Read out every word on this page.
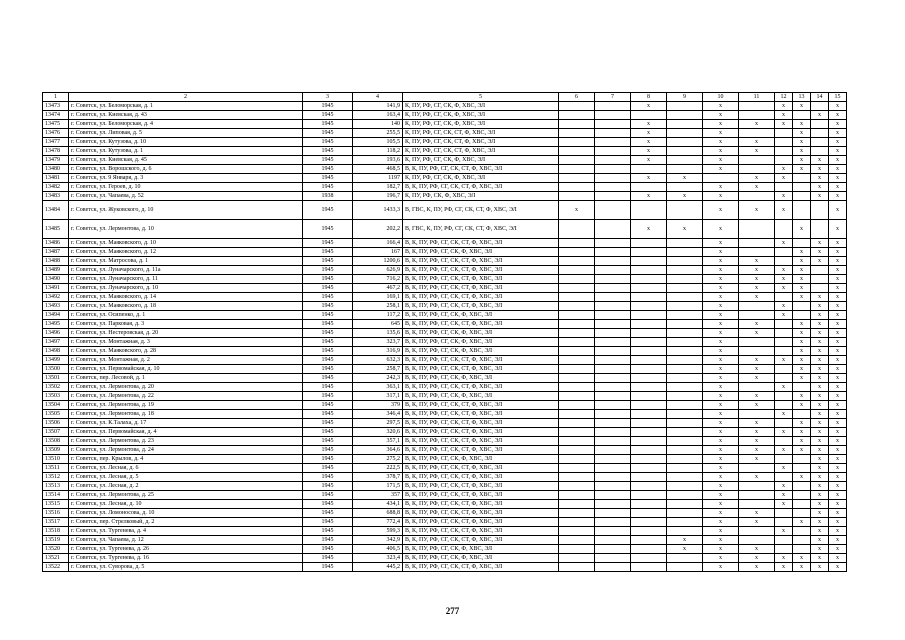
1	2	3	4	5	6	7	8	9	10	11	12	13	14	15
13473	г. Советск, ул. Беломорская, д. 1	1945	141,9	К, ПУ, РФ, СГ, СК, Ф, ХВС, ЭЛ			x		x		x	x		x
13474	г. Советск, ул. Киевская, д. 43	1945	163,4	К, ПУ, РФ, СГ, СК, Ф, ХВС, ЭЛ					x		x		x	x
13475	г. Советск, ул. Беломорская, д. 4	1945	140	К, ПУ, РФ, СГ, СК, Ф, ХВС, ЭЛ			x		x	x	x	x		x
13476	г. Советск, ул. Липовая, д. 5	1945	255,5	К, ПУ, РФ, СГ, СК, СТ, Ф, ХВС, ЭЛ			x		x			x		x
13477	г. Советск, ул. Кутузова, д. 10	1945	105,5	К, ПУ, РФ, СГ, СК, СТ, Ф, ХВС, ЭЛ			x		x	x		x		x
13478	г. Советск, ул. Кутузова, д. 1	1945	118,2	К, ПУ, РФ, СГ, СК, СТ, Ф, ХВС, ЭЛ			x		x	x		x		x
13479	г. Советск, ул. Киевская, д. 45	1945	193,6	К, ПУ, РФ, СГ, СК, Ф, ХВС, ЭЛ			x		x			x	x	x
13480	г. Советск, ул. Ворошского, д. 6	1945	468,5	В, К, ПУ, РФ, СГ, СК, СТ, Ф, ХВС, ЭЛ					x		x	x	x	x
13481	г. Советск, ул. 9 Января, д. 3	1945	1197	К, ПУ, РФ, СГ, СК, Ф, ХВС, ЭЛ			x	x		x	x		x	x
13482	г. Советск, ул. Героев, д. 10	1945	182,7	В, К, ПУ, РФ, СГ, СК, СТ, Ф, ХВС, ЭЛ					x	x			x	x
13483	г. Советск, ул. Чапаева, д. 52	1938	196,7	К, ПУ, РФ, СК, Ф, ХВС, ЭЛ			x	x	x		x		x	x
13484	г. Советск, ул. Жуковского, д. 10	1945	1433,3	В, ГВС, К, ПУ, РФ, СГ, СК, СТ, Ф, ХВС, ЭЛ	x				x	x	x			x
13485	г. Советск, ул. Лермонтова, д. 10	1945	202,2	В, ГВС, К, ПУ, РФ, СГ, СК, СТ, Ф, ХВС, ЭЛ			x	x	x			x		x
13486	г. Советск, ул. Маяковского, д. 10	1945	166,4	В, К, ПУ, РФ, СГ, СК, СТ, Ф, ХВС, ЭЛ					x		x		x	x
13487	г. Советск, ул. Маяковского, д. 12	1945	167	В, К, ПУ, РФ, СГ, СК, Ф, ХВС, ЭЛ					x			x	x	x
13488	г. Советск, ул. Матросова, д. 1	1945	1200,6	В, К, ПУ, РФ, СГ, СК, СТ, Ф, ХВС, ЭЛ					x	x		x	x	x
13489	г. Советск, ул. Луначарского, д. 11а	1945	626,9	В, К, ПУ, РФ, СГ, СК, СТ, Ф, ХВС, ЭЛ					x	x	x	x		x
13490	г. Советск, ул. Луначарского, д. 11	1945	716,2	В, К, ПУ, РФ, СГ, СК, СТ, Ф, ХВС, ЭЛ					x	x	x	x		x
13491	г. Советск, ул. Луначарского, д. 10	1945	467,2	В, К, ПУ, РФ, СГ, СК, СТ, Ф, ХВС, ЭЛ					x	x	x	x		x
13492	г. Советск, ул. Маяковского, д. 14	1945	169,1	В, К, ПУ, РФ, СГ, СК, СТ, Ф, ХВС, ЭЛ					x	x		x	x	x
13493	г. Советск, ул. Маяковского, д. 18	1945	258,1	В, К, ПУ, РФ, СГ, СК, СТ, Ф, ХВС, ЭЛ					x		x		x	x
13494	г. Советск, ул. Осипенко, д. 1	1945	117,2	В, К, ПУ, РФ, СГ, СК, Ф, ХВС, ЭЛ					x		x		x	x
13495	г. Советск, ул. Парковая, д. 3	1945	645	В, К, ПУ, РФ, СГ, СК, СТ, Ф, ХВС, ЭЛ					x	x		x	x	x
13496	г. Советск, ул. Нестеровская, д. 20	1945	135,6	В, К, ПУ, РФ, СГ, СК, Ф, ХВС, ЭЛ					x	x		x	x	x
13497	г. Советск, ул. Монтажная, д. 3	1945	323,7	В, К, ПУ, РФ, СГ, СК, Ф, ХВС, ЭЛ					x			x	x	x
13498	г. Советск, ул. Маяковского, д. 28	1945	316,9	В, К, ПУ, РФ, СГ, СК, Ф, ХВС, ЭЛ					x			x	x	x
13499	г. Советск, ул. Монтажная, д. 2	1945	632,3	В, К, ПУ, РФ, СГ, СК, СТ, Ф, ХВС, ЭЛ					x	x	x	x	x	x
13500	г. Советск, ул. Первомайская, д. 10	1945	258,7	В, К, ПУ, РФ, СГ, СК, СТ, Ф, ХВС, ЭЛ					x	x		x	x	x
13501	г. Советск, пер. Лесовой, д. 1	1945	242,3	В, К, ПУ, РФ, СГ, СК, Ф, ХВС, ЭЛ					x	x		x	x	x
13502	г. Советск, ул. Лермонтова, д. 20	1945	363,1	В, К, ПУ, РФ, СГ, СК, СТ, Ф, ХВС, ЭЛ					x		x		x	x
13503	г. Советск, ул. Лермонтова, д. 22	1945	317,1	В, К, ПУ, РФ, СГ, СК, Ф, ХВС, ЭЛ					x	x		x	x	x
13504	г. Советск, ул. Лермонтова, д. 19	1945	379	В, К, ПУ, РФ, СГ, СК, СТ, Ф, ХВС, ЭЛ					x	x		x	x	x
13505	г. Советск, ул. Лермонтова, д. 18	1945	346,4	В, К, ПУ, РФ, СГ, СК, СТ, Ф, ХВС, ЭЛ					x		x		x	x
13506	г. Советск, ул. К.Талаха, д. 17	1945	297,5	В, К, ПУ, РФ, СГ, СК, СТ, Ф, ХВС, ЭЛ					x	x		x	x	x
13507	г. Советск, ул. Первомайская, д. 4	1945	320,6	В, К, ПУ, РФ, СГ, СК, СТ, Ф, ХВС, ЭЛ					x	x	x	x	x	x
13508	г. Советск, ул. Лермонтова, д. 23	1945	357,1	В, К, ПУ, РФ, СГ, СК, СТ, Ф, ХВС, ЭЛ					x	x		x	x	x
13509	г. Советск, ул. Лермонтова, д. 24	1945	364,6	В, К, ПУ, РФ, СГ, СК, СТ, Ф, ХВС, ЭЛ					x	x	x	x	x	x
13510	г. Советск, пер. Крылов, д. 4	1945	275,2	В, К, ПУ, РФ, СГ, СК, Ф, ХВС, ЭЛ					x	x			x	x
13511	г. Советск, ул. Лесная, д. 6	1945	222,5	В, К, ПУ, РФ, СГ, СК, СТ, Ф, ХВС, ЭЛ					x		x		x	x
13512	г. Советск, ул. Лесная, д. 5	1945	378,7	В, К, ПУ, РФ, СГ, СК, СТ, Ф, ХВС, ЭЛ					x	x		x	x	x
13513	г. Советск, ул. Лесная, д. 2	1945	171,5	В, К, ПУ, РФ, СГ, СК, СТ, Ф, ХВС, ЭЛ					x		x		x	x
13514	г. Советск, ул. Лермонтова, д. 25	1945	357	В, К, ПУ, РФ, СГ, СК, СТ, Ф, ХВС, ЭЛ					x		x		x	x
13515	г. Советск, ул. Лесная, д. 10	1945	434,1	В, К, ПУ, РФ, СГ, СК, СТ, Ф, ХВС, ЭЛ					x		x		x	x
13516	г. Советск, ул. Ломоносова, д. 10	1945	688,8	В, К, ПУ, РФ, СГ, СК, СТ, Ф, ХВС, ЭЛ					x	x			x	x
13517	г. Советск, пер. Стрелковый, д. 2	1945	772,4	В, К, ПУ, РФ, СГ, СК, СТ, Ф, ХВС, ЭЛ					x	x		x	x	x
13518	г. Советск, ул. Тургенева, д. 4	1945	599,3	В, К, ПУ, РФ, СГ, СК, СТ, Ф, ХВС, ЭЛ					x		x		x	x
13519	г. Советск, ул. Чапаева, д. 12	1945	342,9	В, К, ПУ, РФ, СГ, СК, СТ, Ф, ХВС, ЭЛ				x	x				x	x
13520	г. Советск, ул. Тургенева, д. 26	1945	406,5	В, К, ПУ, РФ, СГ, СК, Ф, ХВС, ЭЛ				x	x	x			x	x
13521	г. Советск, ул. Тургенева, д. 16	1945	323,4	В, К, ПУ, РФ, СГ, СК, Ф, ХВС, ЭЛ					x	x	x	x	x	x
13522	г. Советск, ул. Суворова, д. 5	1945	445,2	В, К, ПУ, РФ, СГ, СК, СТ, Ф, ХВС, ЭЛ					x	x	x	x	x	x
277
